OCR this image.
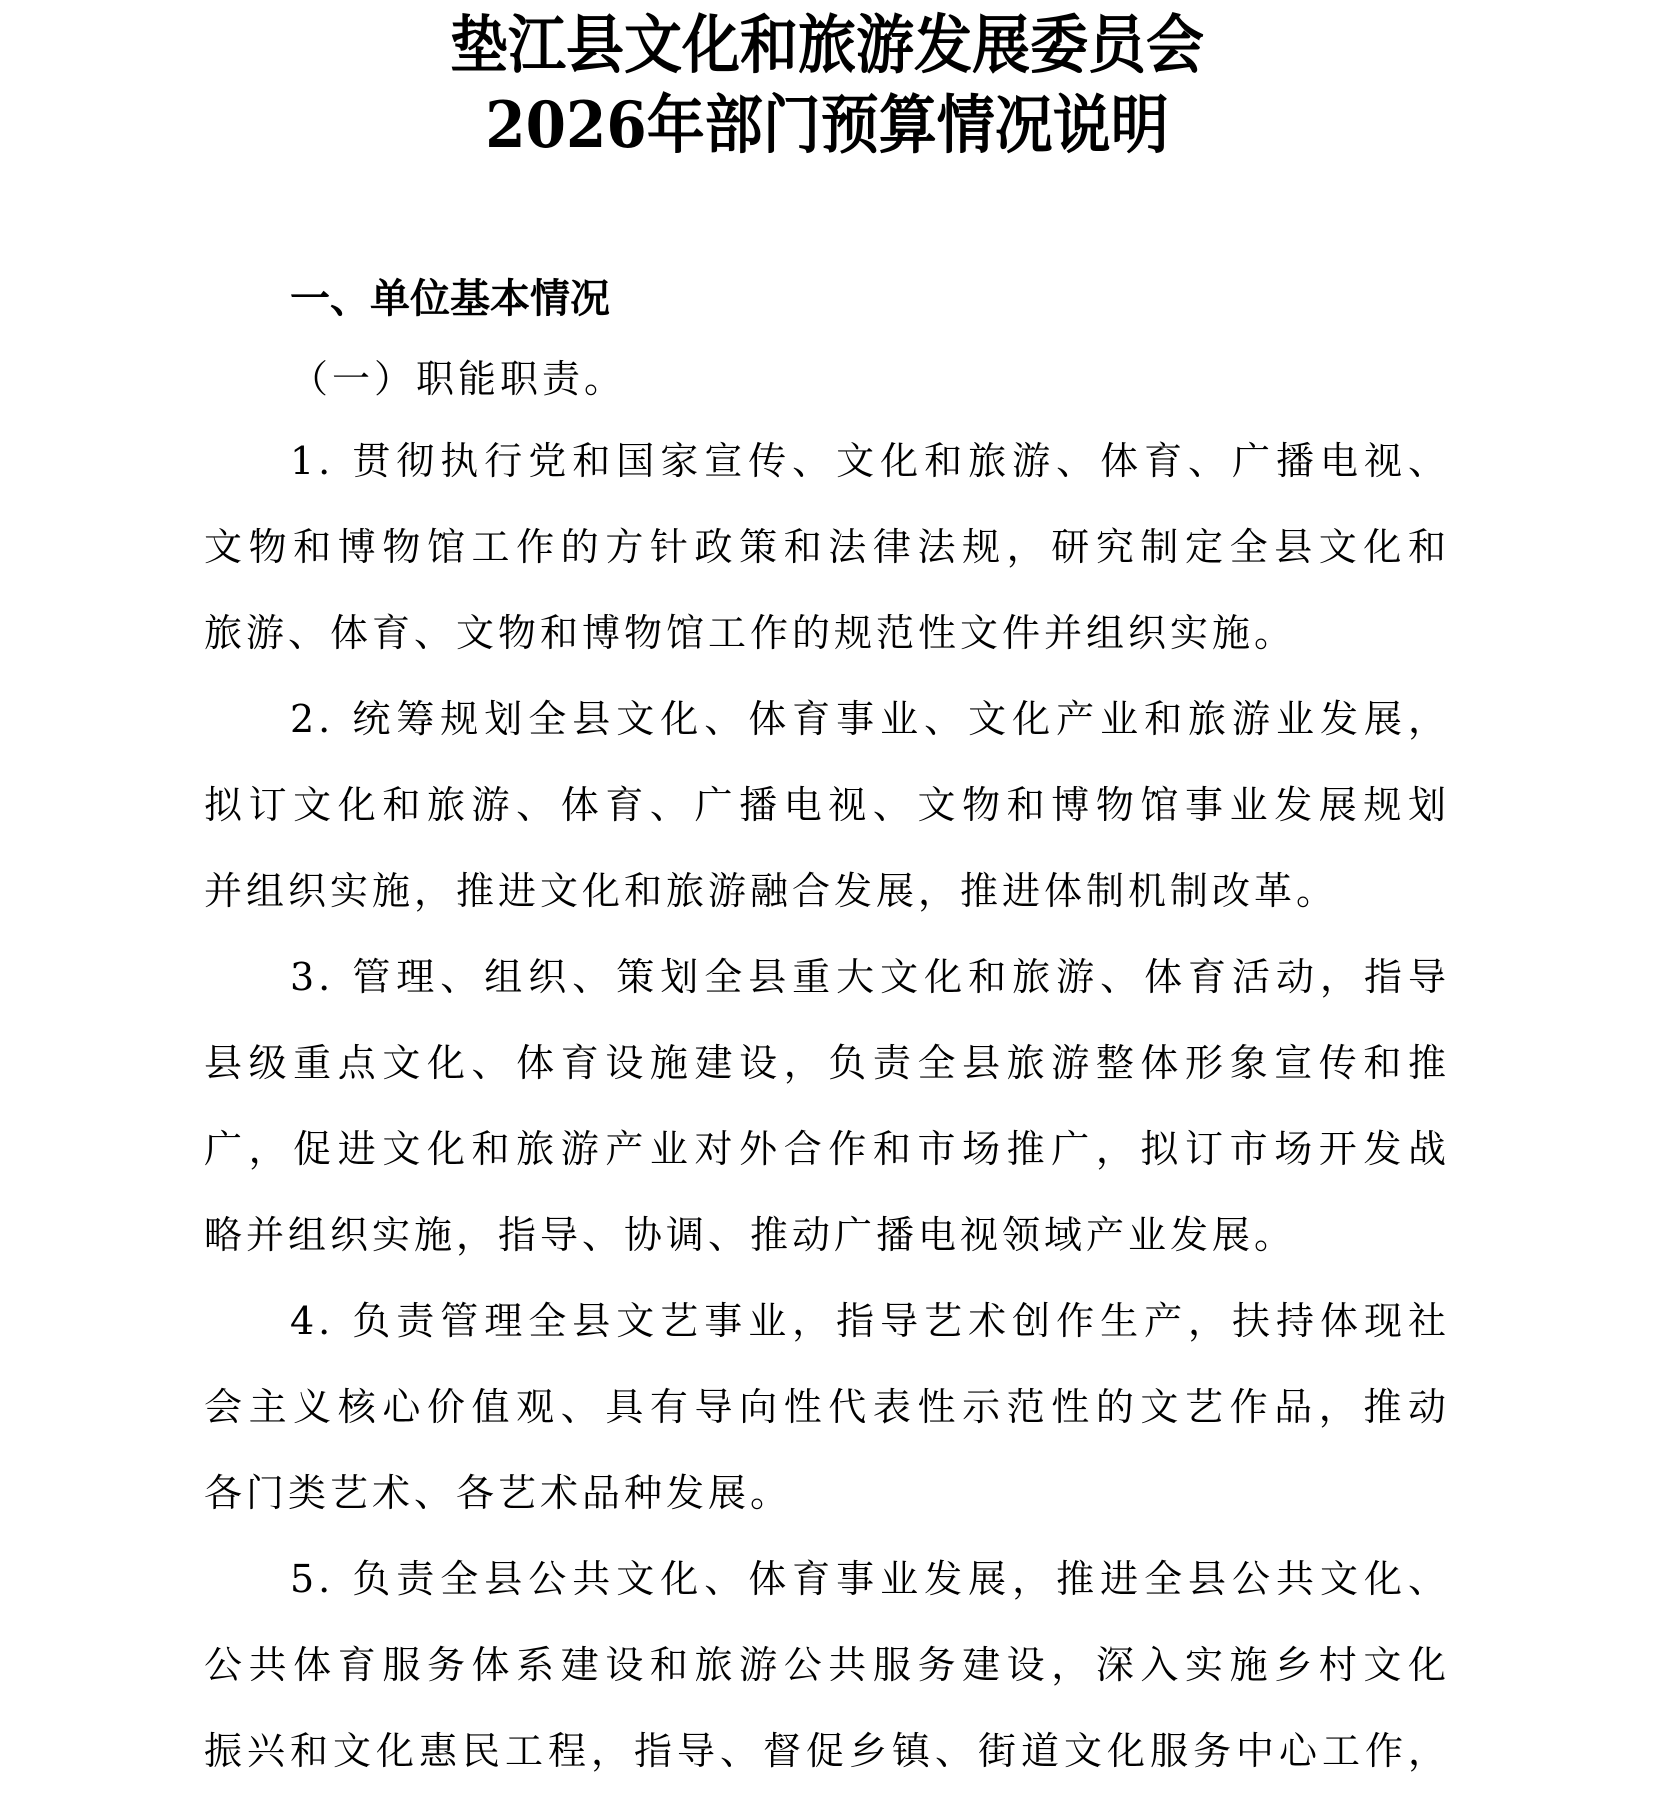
垫江县文化和旅游发展委员会
2026年部门预算情况说明
一、单位基本情况
（一）职能职责。
1. 贯彻执行党和国家宣传、文化和旅游、体育、广播电视、
文物和博物馆工作的方针政策和法律法规，研究制定全县文化和
旅游、体育、文物和博物馆工作的规范性文件并组织实施。
2. 统筹规划全县文化、体育事业、文化产业和旅游业发展，
拟订文化和旅游、体育、广播电视、文物和博物馆事业发展规划
并组织实施，推进文化和旅游融合发展，推进体制机制改革。
3. 管理、组织、策划全县重大文化和旅游、体育活动，指导
县级重点文化、体育设施建设，负责全县旅游整体形象宣传和推
广，促进文化和旅游产业对外合作和市场推广，拟订市场开发战
略并组织实施，指导、协调、推动广播电视领域产业发展。
4. 负责管理全县文艺事业，指导艺术创作生产，扶持体现社
会主义核心价值观、具有导向性代表性示范性的文艺作品，推动
各门类艺术、各艺术品种发展。
5. 负责全县公共文化、体育事业发展，推进全县公共文化、
公共体育服务体系建设和旅游公共服务建设，深入实施乡村文化
振兴和文化惠民工程，指导、督促乡镇、街道文化服务中心工作，
